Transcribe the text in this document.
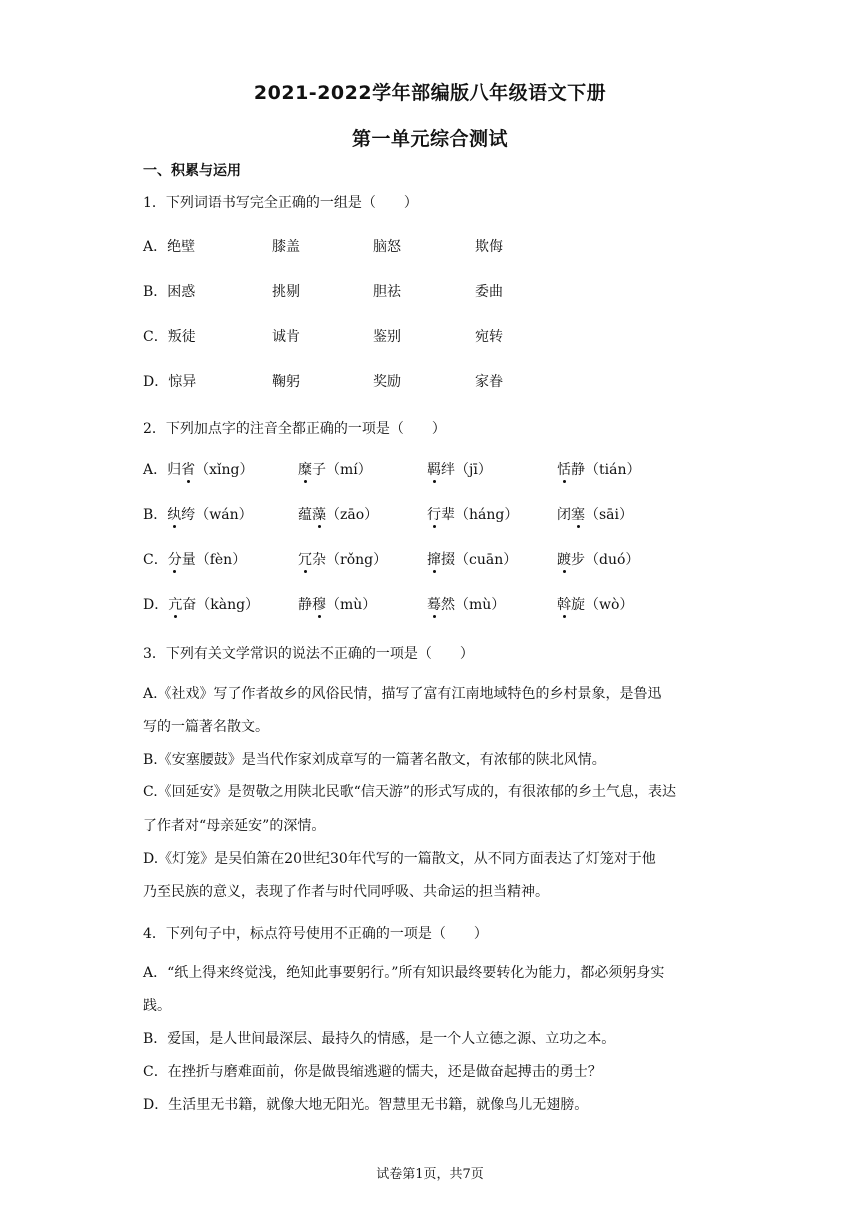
2021-2022学年部编版八年级语文下册
第一单元综合测试
一、积累与运用
1．下列词语书写完全正确的一组是（　　）
A．绝壁	膝盖	脑怒	欺侮
B．困惑	挑剔	胆祛	委曲
C．叛徒	诚肯	鉴别	宛转
D．惊异	鞠躬	奖励	家眷
2．下列加点字的注音全都正确的一项是（　　）
A．归省（xǐng）	糜子（mí）	羁绊（jī）	恬静（tián）
B．纨绔（wán）	蕴藻（zāo）	行辈（háng）	闭塞（sāi）
C．分量（fèn）	冗杂（rǒng）	撺掇（cuān）	踱步（duó）
D．亢奋（kàng）	静穆（mù）	蓦然（mù）	斡旋（wò）
3．下列有关文学常识的说法不正确的一项是（　　）
A.《社戏》写了作者故乡的风俗民情，描写了富有江南地域特色的乡村景象，是鲁迅
写的一篇著名散文。
B.《安塞腰鼓》是当代作家刘成章写的一篇著名散文，有浓郁的陕北风情。
C.《回延安》是贺敬之用陕北民歌“信天游”的形式写成的，有很浓郁的乡土气息，表达
了作者对“母亲延安”的深情。
D.《灯笼》是吴伯箫在20世纪30年代写的一篇散文，从不同方面表达了灯笼对于他
乃至民族的意义，表现了作者与时代同呼吸、共命运的担当精神。
4．下列句子中，标点符号使用不正确的一项是（　　）
A．“纸上得来终觉浅，绝知此事要躬行。”所有知识最终要转化为能力，都必须躬身实
践。
B．爱国，是人世间最深层、最持久的情感，是一个人立德之源、立功之本。
C．在挫折与磨难面前，你是做畏缩逃避的懦夫，还是做奋起搏击的勇士？
D．生活里无书籍，就像大地无阳光。智慧里无书籍，就像鸟儿无翅膀。
试卷第1页，共7页
